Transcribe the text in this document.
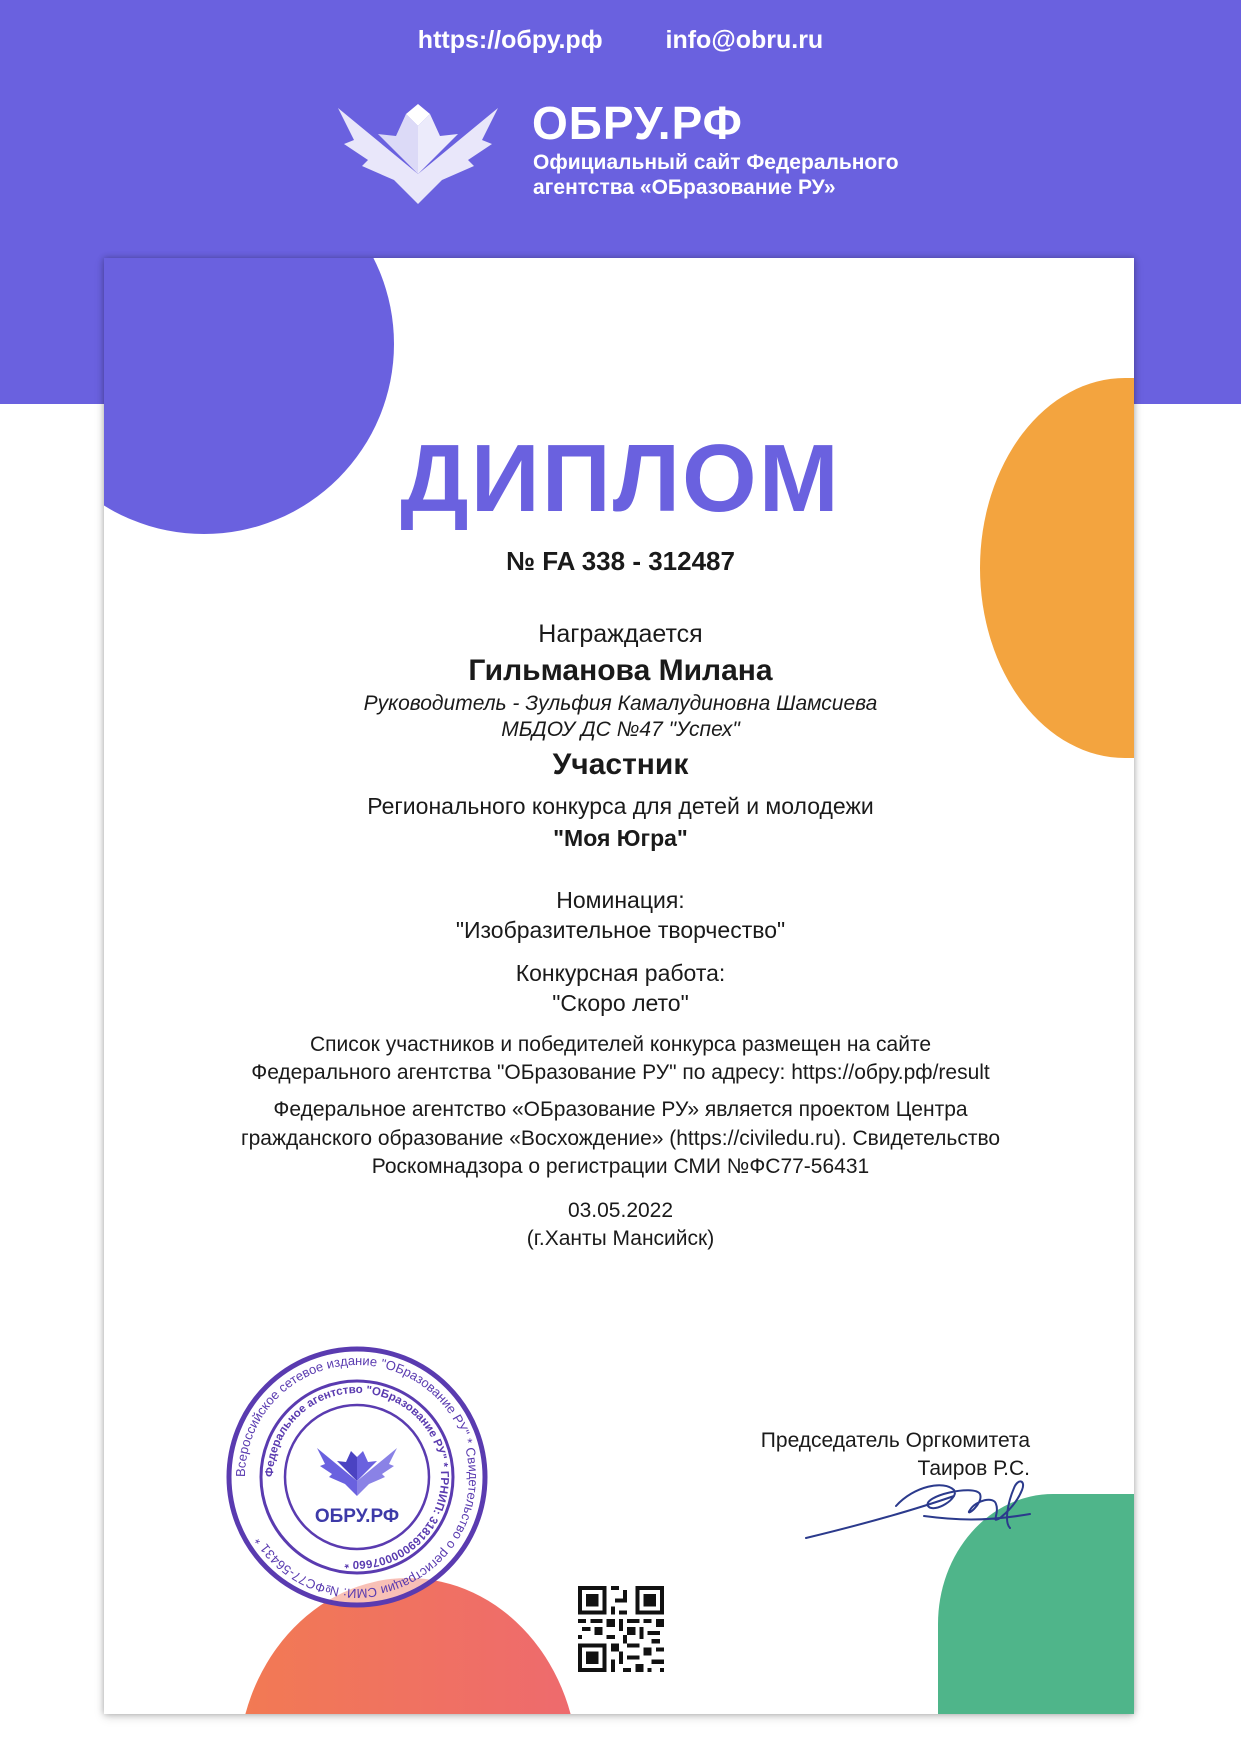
https://обру.рф	info@obru.ru
ОБРУ.РФ
Официальный сайт Федерального
агентства «ОБразование РУ»
ДИПЛОМ
№ FA 338 - 312487
Награждается
Гильманова Милана
Руководитель - Зульфия Камалудиновна Шамсиева
МБДОУ ДС №47 "Успех"
Участник
Регионального конкурса для детей и молодежи
"Моя Югра"
Номинация:
"Изобразительное творчество"
Конкурсная работа:
"Скоро лето"
Список участников и победителей конкурса размещен на сайте
Федерального агентства "ОБразование РУ" по адресу: https://обру.рф/result
Федеральное агентство «ОБразование РУ» является проектом Центра
гражданского образование «Восхождение» (https://civiledu.ru). Свидетельство
Роскомнадзора о регистрации СМИ №ФС77-56431
03.05.2022
(г.Ханты Мансийск)
Председатель Оргкомитета
Таиров Р.С.
Всероссийское сетевое издание "ОБразование РУ" * Свидетельство о регистрации СМИ: №ФС77-56431 *
Федеральное агентство "ОБразование РУ" * ГРНИП: 318169000007660 *
ОБРУ.РФ
